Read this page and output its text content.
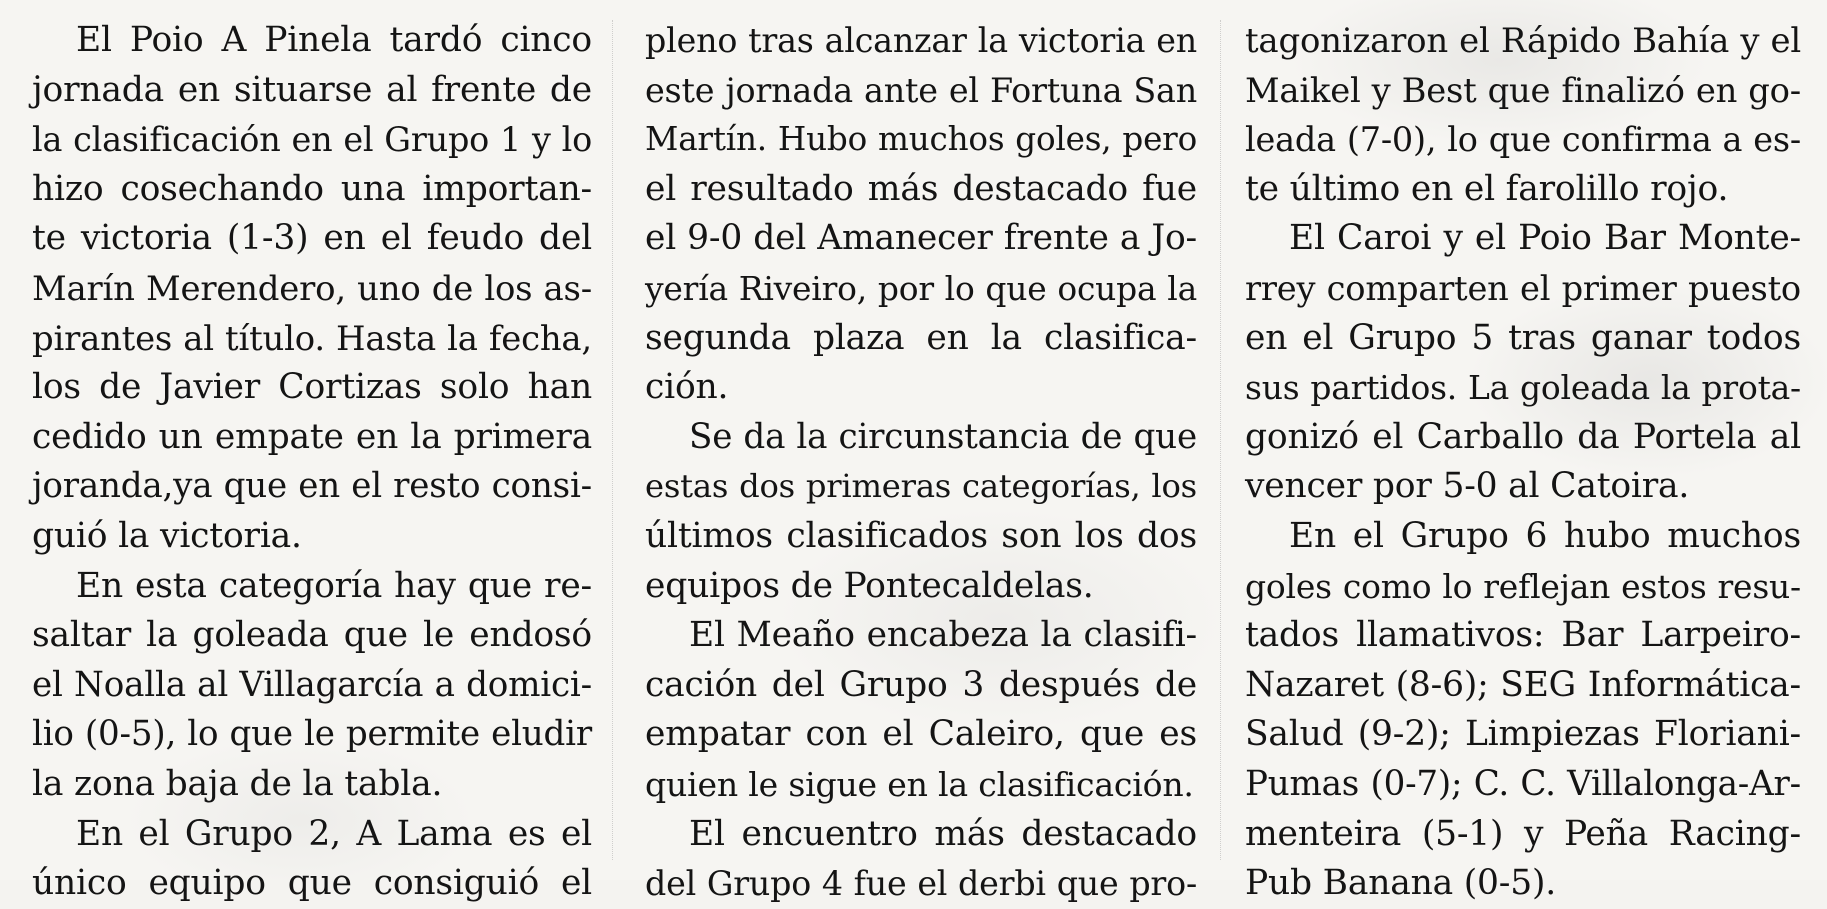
El Poio A Pinela tardó cinco
jornada en situarse al frente de
la clasificación en el Grupo 1 y lo
hizo cosechando una importan-
te victoria (1-3) en el feudo del
Marín Merendero, uno de los as-
pirantes al título. Hasta la fecha,
los de Javier Cortizas solo han
cedido un empate en la primera
joranda,ya que en el resto consi-
guió la victoria.

En esta categoría hay que re-
saltar la goleada que le endosó
el Noalla al Villagarcía a domici-
lio (0-5), lo que le permite eludir
la zona baja de la tabla.

En el Grupo 2, A Lama es el
único equipo que consiguió el

pleno tras alcanzar la victoria en
este jornada ante el Fortuna San
Martín. Hubo muchos goles, pero
el resultado más destacado fue
el 9-0 del Amanecer frente a Jo-
yería Riveiro, por lo que ocupa la
segunda plaza en la clasifica-
ción.

Se da la circunstancia de que
estas dos primeras categorías, los
últimos clasificados son los dos
equipos de Pontecaldelas.

El Meaño encabeza la clasifi-
cación del Grupo 3 después de
empatar con el Caleiro, que es
quien le sigue en la clasificación.

El encuentro más destacado
del Grupo 4 fue el derbi que pro-

tagonizaron el Rápido Bahía y el
Maikel y Best que finalizó en go-
leada (7-0), lo que confirma a es-
te último en el farolillo rojo.

El Caroi y el Poio Bar Monte-
rrey comparten el primer puesto
en el Grupo 5 tras ganar todos
sus partidos. La goleada la prota-
gonizó el Carballo da Portela al
vencer por 5-0 al Catoira.

En el Grupo 6 hubo muchos
goles como lo reflejan estos resu-
tados llamativos: Bar Larpeiro-
Nazaret (8-6); SEG Informática-
Salud (9-2); Limpiezas Floriani-
Pumas (0-7); C. C. Villalonga-Ar-
menteira (5-1) y Peña Racing-
Pub Banana (0-5).
